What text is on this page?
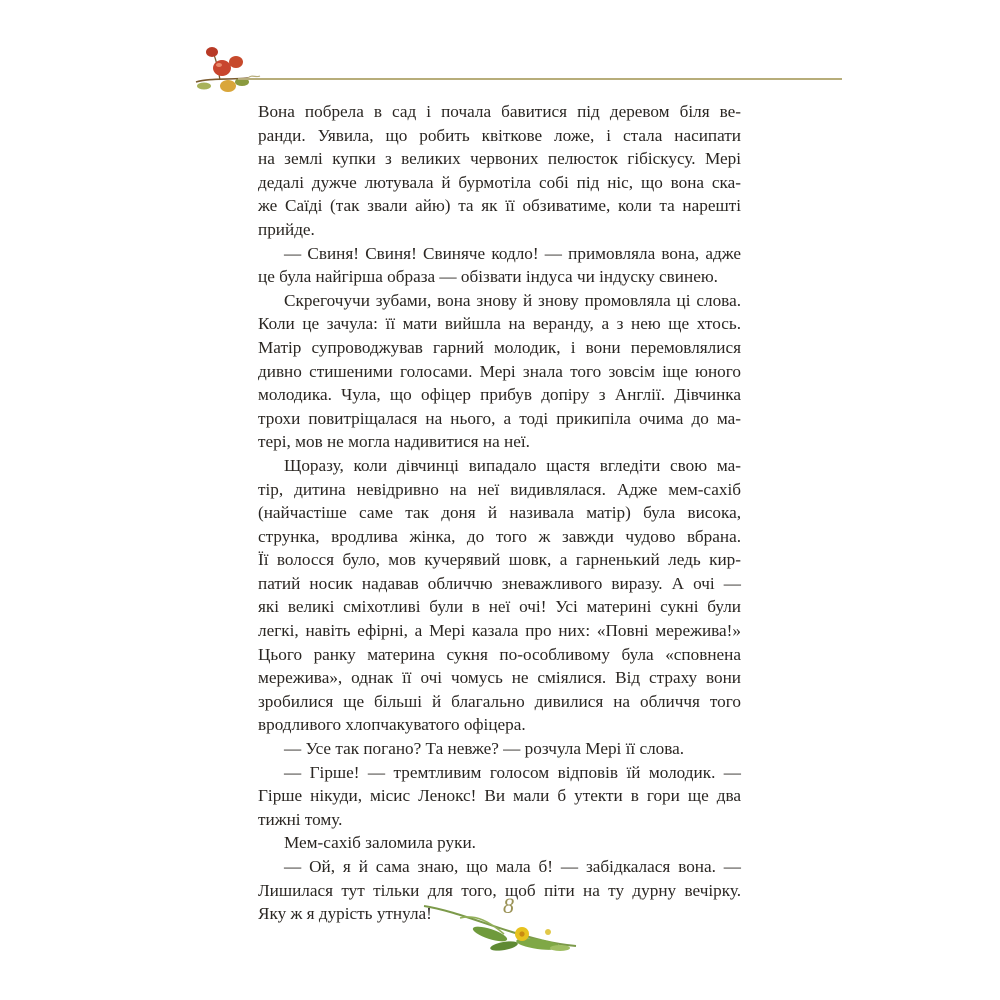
Вона побрела в сад і почала бавитися під деревом біля ве-
ранди. Уявила, що робить квіткове ложе, і стала насипати
на землі купки з великих червоних пелюсток гібіскусу. Мері
дедалі дужче лютувала й бурмотіла собі під ніс, що вона ска-
же Саїді (так звали айю) та як її обзиватиме, коли та нарешті
прийде.
— Свиня! Свиня! Свиняче кодло! — примовляла вона, адже
це була найгірша образа — обізвати індуса чи індуску свинею.
Скрегочучи зубами, вона знову й знову промовляла ці слова.
Коли це зачула: її мати вийшла на веранду, а з нею ще хтось.
Матір супроводжував гарний молодик, і вони перемовлялися
дивно стишеними голосами. Мері знала того зовсім іще юного
молодика. Чула, що офіцер прибув допіру з Англії. Дівчинка
трохи повитріщалася на нього, а тоді прикипіла очима до ма-
тері, мов не могла надивитися на неї.
Щоразу, коли дівчинці випадало щастя вгледіти свою ма-
тір, дитина невідривно на неї видивлялася. Адже мем-сахіб
(найчастіше саме так доня й називала матір) була висока,
струнка, вродлива жінка, до того ж завжди чудово вбрана.
Її волосся було, мов кучерявий шовк, а гарненький ледь кир-
патий носик надавав обличчю зневажливого виразу. А очі —
які великі сміхотливі були в неї очі! Усі материні сукні були
легкі, навіть ефірні, а Мері казала про них: «Повні мережива!»
Цього ранку материна сукня по-особливому була «сповнена
мережива», однак її очі чомусь не сміялися. Від страху вони
зробилися ще більші й благально дивилися на обличчя того
вродливого хлопчакуватого офіцера.
— Усе так погано? Та невже? — розчула Мері її слова.
— Гірше! — тремтливим голосом відповів їй молодик. —
Гірше нікуди, місис Ленокс! Ви мали б утекти в гори ще два
тижні тому.
Мем-сахіб заломила руки.
— Ой, я й сама знаю, що мала б! — забідкалася вона. —
Лишилася тут тільки для того, щоб піти на ту дурну вечірку.
Яку ж я дурість утнула!	8
